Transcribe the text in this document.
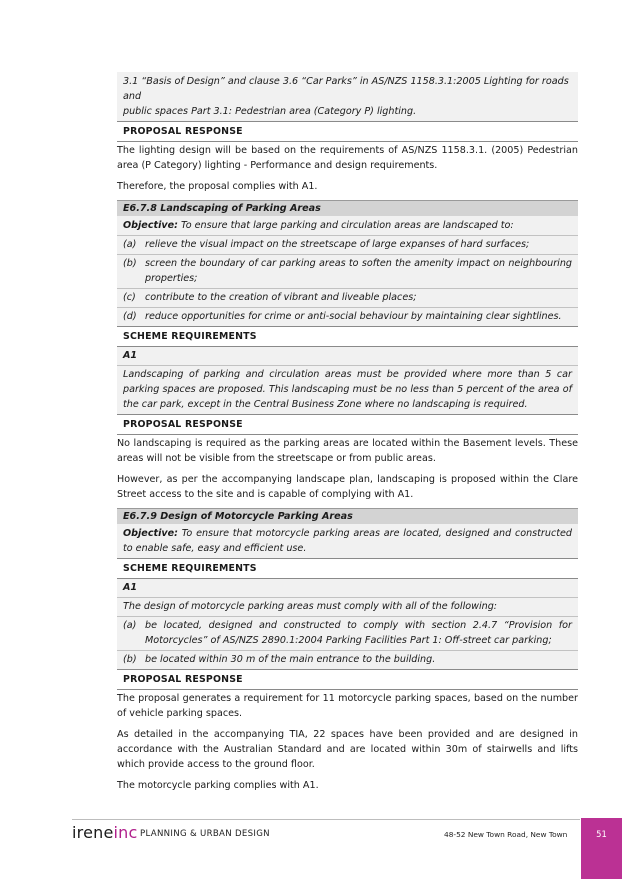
3.1 “Basis of Design” and clause 3.6 “Car Parks” in AS/NZS 1158.3.1:2005 Lighting for roads and
public spaces Part 3.1: Pedestrian area (Category P) lighting.
PROPOSAL RESPONSE

The lighting design will be based on the requirements of AS/NZS 1158.3.1. (2005) Pedestrian area (P Category) lighting - Performance and design requirements.

Therefore, the proposal complies with A1.

E6.7.8 Landscaping of Parking Areas
Objective: To ensure that large parking and circulation areas are landscaped to:
(a) relieve the visual impact on the streetscape of large expanses of hard surfaces;
(b) screen the boundary of car parking areas to soften the amenity impact on neighbouring properties;
(c) contribute to the creation of vibrant and liveable places;
(d) reduce opportunities for crime or anti-social behaviour by maintaining clear sightlines.
SCHEME REQUIREMENTS
A1
Landscaping of parking and circulation areas must be provided where more than 5 car parking spaces are proposed. This landscaping must be no less than 5 percent of the area of the car park, except in the Central Business Zone where no landscaping is required.
PROPOSAL RESPONSE

No landscaping is required as the parking areas are located within the Basement levels. These areas will not be visible from the streetscape or from public areas.

However, as per the accompanying landscape plan, landscaping is proposed within the Clare Street access to the site and is capable of complying with A1.

E6.7.9 Design of Motorcycle Parking Areas
Objective: To ensure that motorcycle parking areas are located, designed and constructed to enable safe, easy and efficient use.
SCHEME REQUIREMENTS
A1
The design of motorcycle parking areas must comply with all of the following:
(a) be located, designed and constructed to comply with section 2.4.7 “Provision for Motorcycles” of AS/NZS 2890.1:2004 Parking Facilities Part 1: Off-street car parking;
(b) be located within 30 m of the main entrance to the building.
PROPOSAL RESPONSE

The proposal generates a requirement for 11 motorcycle parking spaces, based on the number of vehicle parking spaces.

As detailed in the accompanying TIA, 22 spaces have been provided and are designed in accordance with the Australian Standard and are located within 30m of stairwells and lifts which provide access to the ground floor.

The motorcycle parking complies with A1.

ireneinc PLANNING & URBAN DESIGN	48-52 New Town Road, New Town	51
